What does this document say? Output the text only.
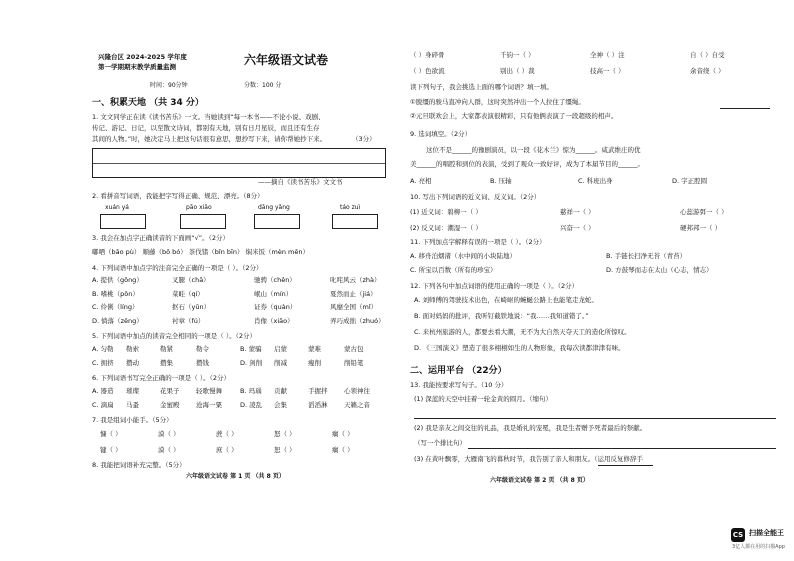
兴隆台区 2024-2025 学年度
第一学期期末教学质量监测	六年级语文试卷
时间：90分钟	分数：100 分
一、积累天地 （共 34 分）
1. 文文同学正在读《读书苦乐》一文。当她读到“每一本书——不论小说、戏剧、
传记、游记、日记，以至散文诗词，都别有天地，别有日月星辰，而且还有生存
其间的人物。”时，她决定马上把这句话很有意思，想抄写下来，请你帮她抄下来。	（3分）
——摘自《读书苦乐》文文书
2. 看拼音写词语，我能把字写得正确、规范、漂亮。（8分）
xuán yá	pāo xiāo	dāng yǎng	táo zuì
3. 我会在加点字正确读音的下面画“√”。（2分）
嘟哂（bāo pù） 顺藤（bō bó） 茶伐锗（bǐn bīn） 焖米饭（mèn mēn）
4. 下列词语中加点字的注音完全正确的一项是（ ）。（2分）
A. 提供（gōng）	叉腿（chā）	驰骋（chěn）	叱咤风云（zhà）
B. 嗜桃（pōn）	菜畦（qí）	岷山（mín）	戛然而止（jiá）
C. 伶俐（líng）	抠石（yūn）	证券（quàn）	风靡全国（mǐ）
D. 惝落（zěng）	衬章（fú）	肖像（xiāo）	弄巧成拙（zhuó）
5. 下列词语中加点的读音完全相同的一项是（ ）。（2分）
A. 匀勒 勒索	勒紧	勒令	B. 蒙骗 启蒙	蒙难	蒙古包
C. 拥挤 攒动	攒集	攒钱	D. 剑削 削减	瘦削	削铅笔
6. 下列词语书写完全正确的一项是（ ）。（2分）
A. 器造 璀璨	花果子	轻歌慢舞	B. 玛瑙 贡献	手握拌	心领神往
C. 滴扁 马蚤	金蜜殿	沧海一粟	D. 凌乱 会集	滔滔淋	天籁之音
7. 我是组词小能手。（5分）
慷（ ）	漠（ ）	蔗（ ）	怒（ ）	瘸（ ）
键（ ）	漠（ ）	庶（ ）	恕（ ）	瘸（ ）
8. 我能把词语补充完整。（5分）
六年级语文试卷 第 1 页 （共 8 页）
（ ）身碎骨	千钧一（ ）	全神（ ）注	自（ ）自受
（ ）色欲流	别出（ ）裁	技高一（ ）	余音绕（ ）
读下列句子，我会挑选上面的哪个词语？填一填。
①脱缰的骏马直冲向人群，这时突然冲出一个人拉住了缰绳。
②元旦联欢会上，大家都表演很精彩，只有他俩表演了一段超级的相声。
9. 选词填空。（2分）
这位不是______的豫剧演员，以一段《花木兰》惊为______。咸武维庄的优
美______的唱腔和到位的表演，受到了观众一致好评，成为了本届节目的______。
A. 亮相	B. 压轴	C. 科班出身	D. 字正腔圆
10. 写出下列词语的近义词、反义词。（2分）
(1) 近义词：碧柳一（ ）	慈祥一（ ）	心蕊游弭一（ ）
(2) 反义词：潮湿一（ ）	兴奋一（ ）	硬邦邦一（ ）
11. 下列加点字解释有误的一项是（ ）。（2分）
A. 移舟泊烟渚（水中间的小块陆地）	B. 手链长扫净无苔（青苔）
C. 所宝以百数（所有的珍宝）	D. 方鼓琴而志在太山（心志，情志）
12. 下列各句中加点词语的使用正确的一项是（ ）。（2分）
A. 刘师傅的驾驶技术出色，在崎岖的蜿蜒公路上也能笔走龙蛇。
B. 面对妈妈的批评，我听钉截铁地说：“我……我知道错了。”
C. 来杭州旅游的人，都要去看大潮，无不为大自然天夺天工的造化所惊叹。
D. 《三国演义》塑造了很多栩栩如生的人物形象，我每次读都津津有味。
二、运用平台 （22分）
13. 我能按要求写句子。（10 分）
(1) 深蓝的天空中挂着一轮金黄的圆月。（缩句）
(2) 我是亲友之间交往的礼品，我是婚礼的宠冕，我是生者赠予死者最后的祭献。
（写一个排比句）
(3) 在黄叶飘零，大雁南飞的暮秋时节，我告别了亲人和朋友。（运用反复修辞手
六年级语文试卷 第 2 页 （共 8 页）
CS 扫描全能王
3亿人都在用的扫描App
